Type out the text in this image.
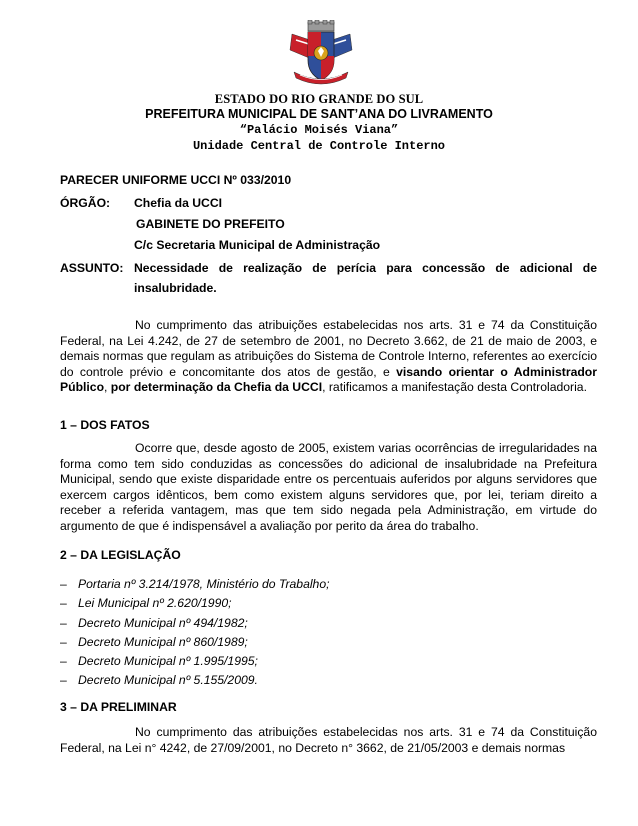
ESTADO DO RIO GRANDE DO SUL
PREFEITURA MUNICIPAL DE SANT’ANA DO LIVRAMENTO
“Palácio Moisés Viana”
Unidade Central de Controle Interno
PARECER UNIFORME UCCI Nº 033/2010
ÓRGÃO: Chefia da UCCI
GABINETE DO PREFEITO
C/c Secretaria Municipal de Administração
ASSUNTO: Necessidade de realização de perícia para concessão de adicional de
insalubridade.

No cumprimento das atribuições estabelecidas nos arts. 31 e 74 da Constituição Federal, na Lei 4.242, de 27 de setembro de 2001, no Decreto 3.662, de 21 de maio de 2003, e demais normas que regulam as atribuições do Sistema de Controle Interno, referentes ao exercício do controle prévio e concomitante dos atos de gestão, e visando orientar o Administrador Público, por determinação da Chefia da UCCI, ratificamos a manifestação desta Controladoria.

1 – DOS FATOS

Ocorre que, desde agosto de 2005, existem varias ocorrências de irregularidades na forma como tem sido conduzidas as concessões do adicional de insalubridade na Prefeitura Municipal, sendo que existe disparidade entre os percentuais auferidos por alguns servidores que exercem cargos idênticos, bem como existem alguns servidores que, por lei, teriam direito a receber a referida vantagem, mas que tem sido negada pela Administração, em virtude do argumento de que é indispensável a avaliação por perito da área do trabalho.

2 – DA LEGISLAÇÃO
– Portaria nº 3.214/1978, Ministério do Trabalho;
– Lei Municipal nº 2.620/1990;
– Decreto Municipal nº 494/1982;
– Decreto Municipal nº 860/1989;
– Decreto Municipal nº 1.995/1995;
– Decreto Municipal nº 5.155/2009.
3 – DA PRELIMINAR

No cumprimento das atribuições estabelecidas nos arts. 31 e 74 da Constituição Federal, na Lei n° 4242, de 27/09/2001, no Decreto n° 3662, de 21/05/2003 e demais normas
